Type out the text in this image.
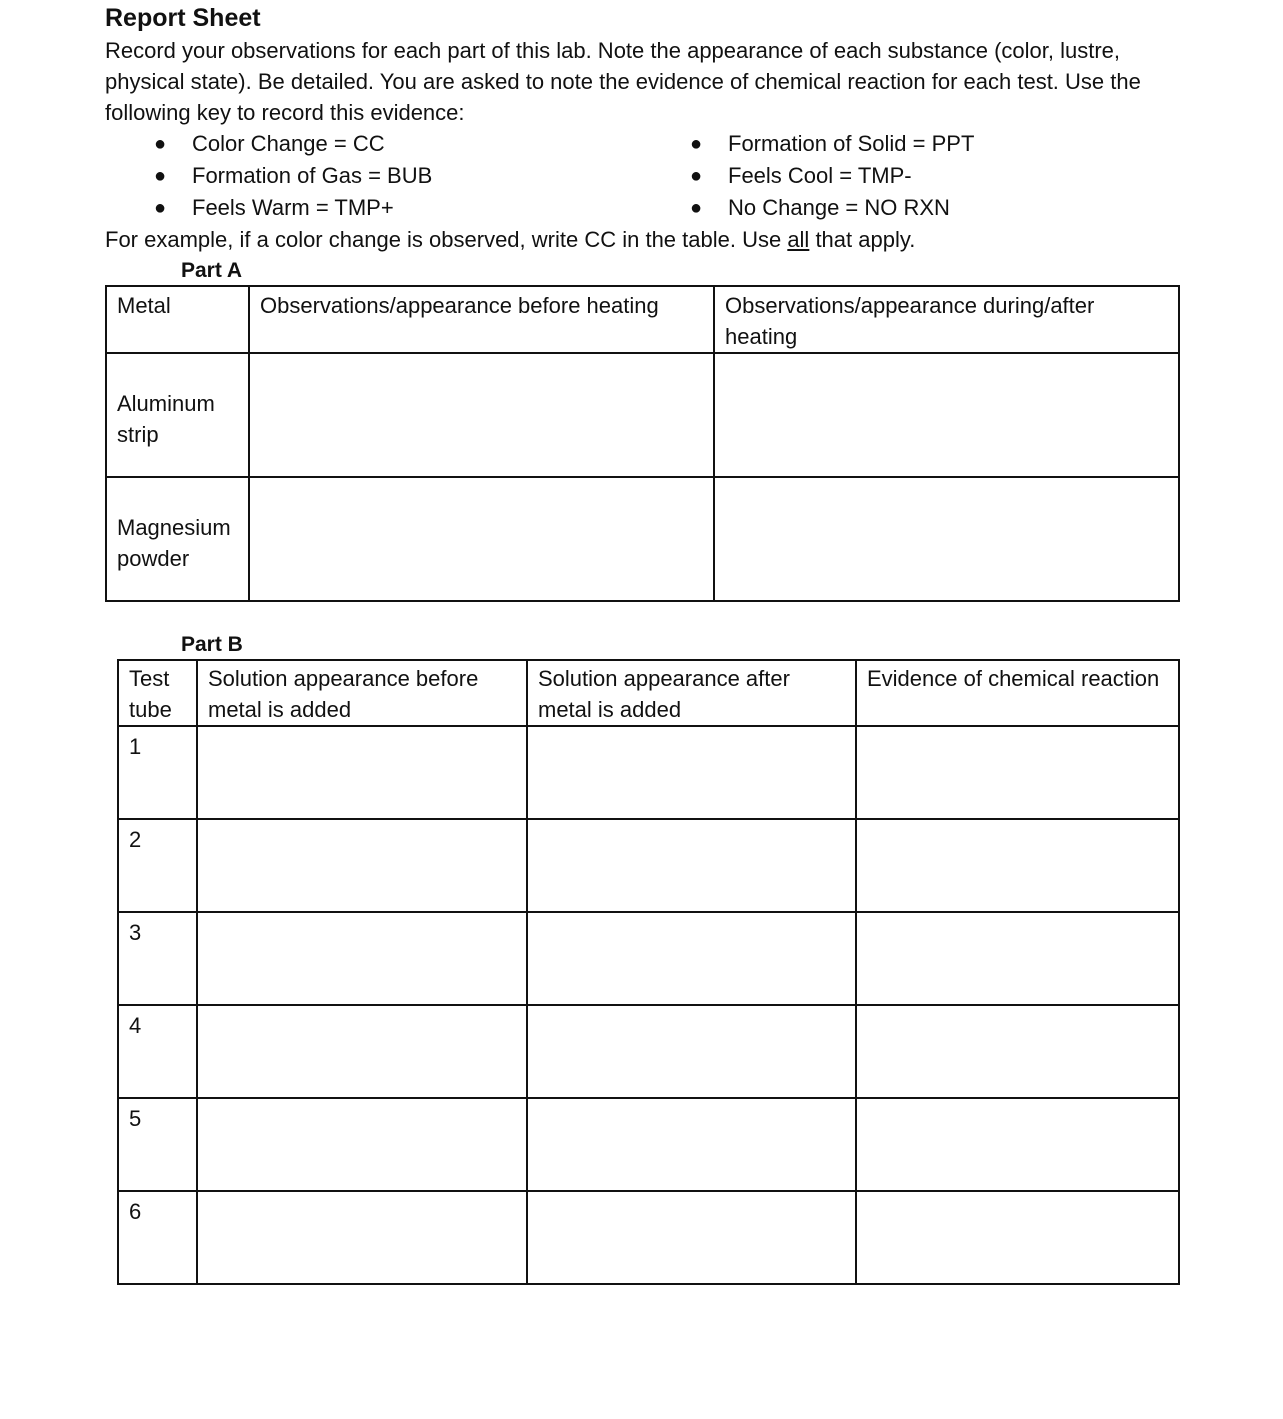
Report Sheet

Record your observations for each part of this lab. Note the appearance of each substance (color, lustre, physical state). Be detailed. You are asked to note the evidence of chemical reaction for each test. Use the following key to record this evidence:

● Color Change = CC
● Formation of Gas = BUB
● Feels Warm = TMP+
● Formation of Solid = PPT
● Feels Cool = TMP-
● No Change = NO RXN

For example, if a color change is observed, write CC in the table. Use all that apply.

Part A
Metal	Observations/appearance before heating	Observations/appearance during/after heating
Aluminum strip		
Magnesium powder		
Part B
Test tube	Solution appearance before metal is added	Solution appearance after metal is added	Evidence of chemical reaction
1			
2			
3			
4			
5			
6			
